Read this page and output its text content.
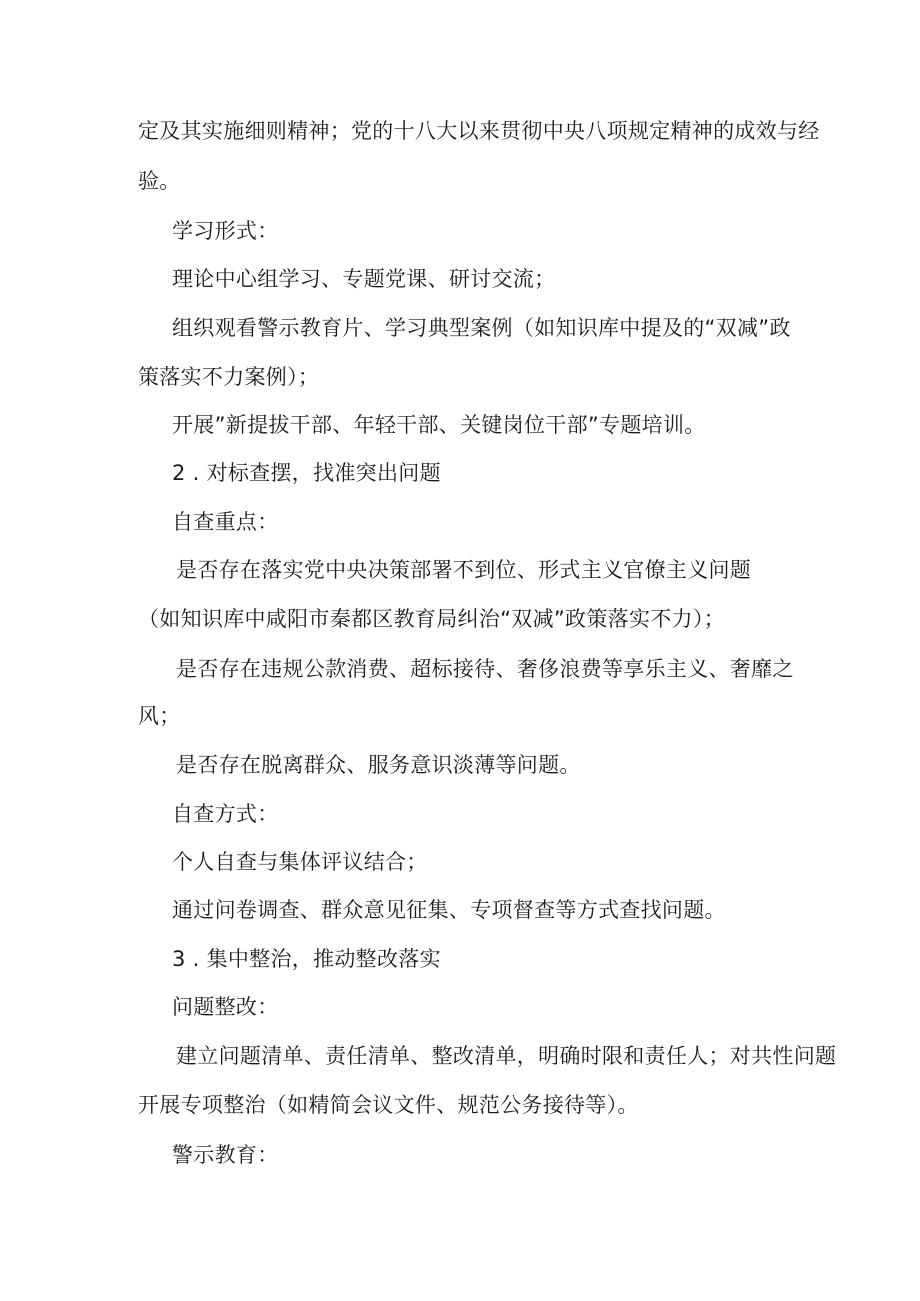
定及其实施细则精神；党的十八大以来贯彻中央八项规定精神的成效与经
验。
学习形式：
理论中心组学习、专题党课、研讨交流；
组织观看警示教育片、学习典型案例（如知识库中提及的“双减”政
策落实不力案例）；
开展”新提拔干部、年轻干部、关键岗位干部”专题培训。
2 . 对标查摆，找准突出问题
自查重点：
是否存在落实党中央决策部署不到位、形式主义官僚主义问题
（如知识库中咸阳市秦都区教育局纠治“双减”政策落实不力）；
是否存在违规公款消费、超标接待、奢侈浪费等享乐主义、奢靡之
风；
是否存在脱离群众、服务意识淡薄等问题。
自查方式：
个人自查与集体评议结合；
通过问卷调查、群众意见征集、专项督查等方式查找问题。
3 . 集中整治，推动整改落实
问题整改：
建立问题清单、责任清单、整改清单，明确时限和责任人；对共性问题
开展专项整治（如精简会议文件、规范公务接待等）。
警示教育：
